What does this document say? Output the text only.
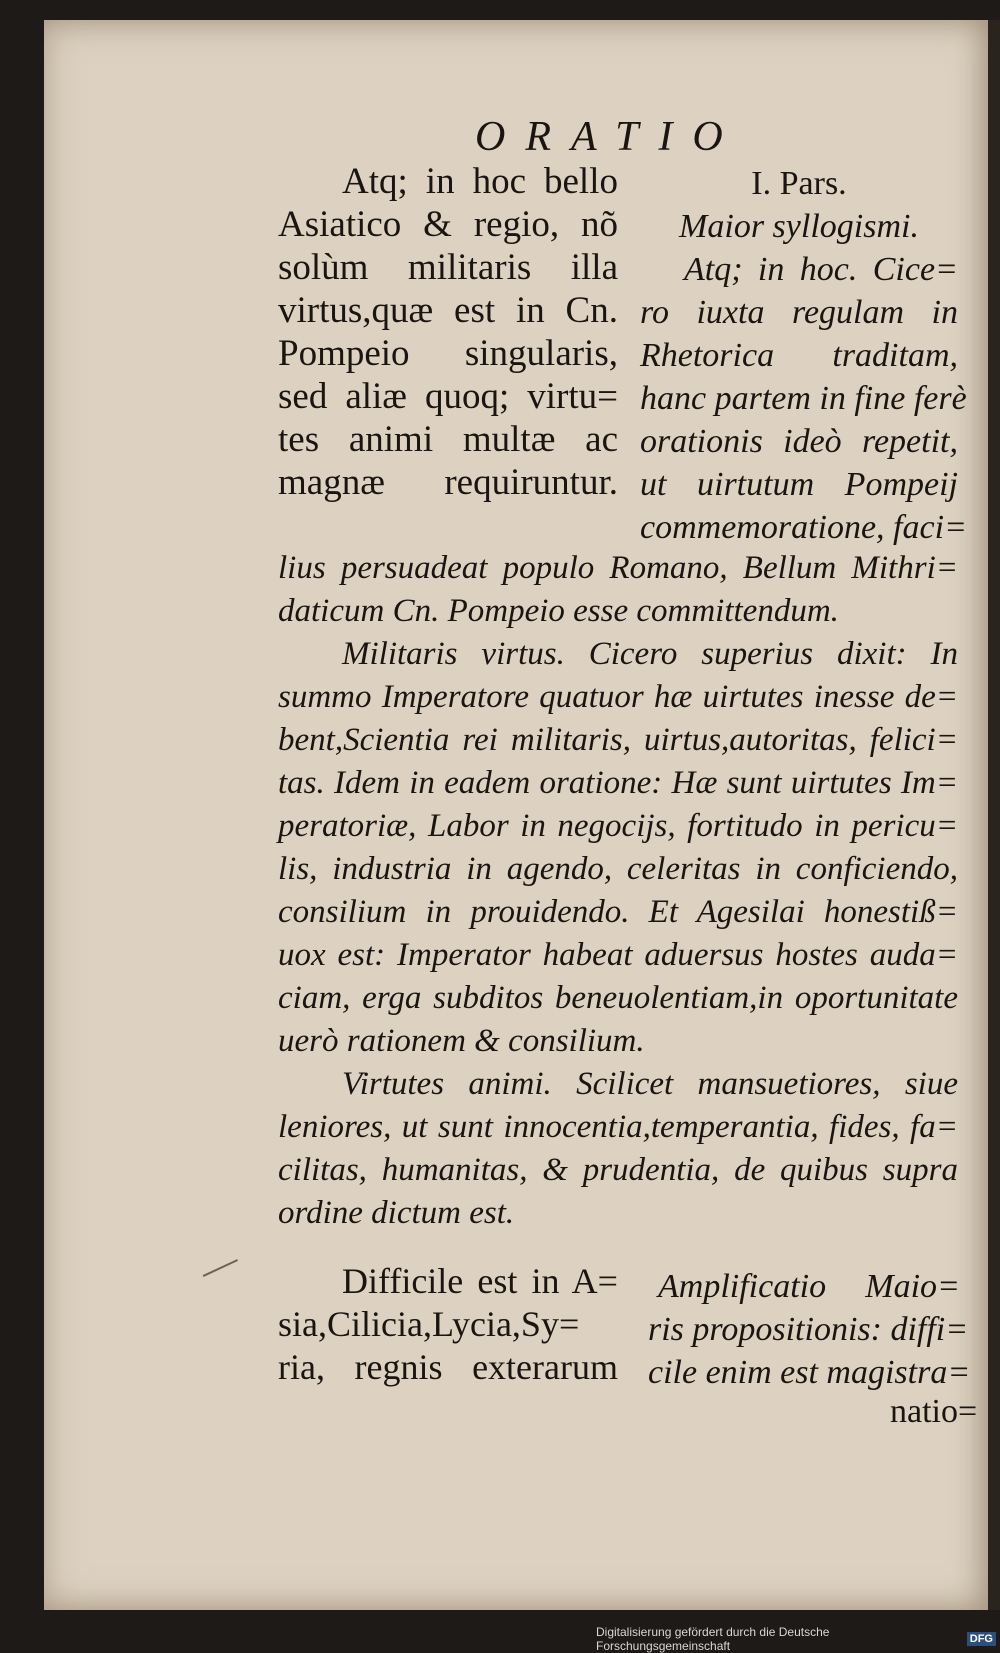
ORATIO
Atq; in hoc bello
Asiatico & regio, nõ
solùm militaris illa
virtus,quæ est in Cn.
Pompeio singularis,
sed aliæ quoq; virtu=
tes animi multæ ac
magnæ requiruntur.
I. Pars.
Maior syllogismi.
Atq; in hoc. Cice=
ro iuxta regulam in
Rhetorica traditam,
hanc partem in fine ferè
orationis ideò repetit,
ut uirtutum Pompeij
commemoratione, faci=
lius persuadeat populo Romano, Bellum Mithri=
daticum Cn. Pompeio esse committendum.
Militaris virtus. Cicero superius dixit: In
summo Imperatore quatuor hæ uirtutes inesse de=
bent,Scientia rei militaris, uirtus,autoritas, felici=
tas. Idem in eadem oratione: Hæ sunt uirtutes Im=
peratoriæ, Labor in negocijs, fortitudo in pericu=
lis, industria in agendo, celeritas in conficiendo,
consilium in prouidendo. Et Agesilai honestiß=
uox est: Imperator habeat aduersus hostes auda=
ciam, erga subditos beneuolentiam,in oportunitate
uerò rationem & consilium.
Virtutes animi. Scilicet mansuetiores, siue
leniores, ut sunt innocentia,temperantia, fides, fa=
cilitas, humanitas, & prudentia, de quibus supra
ordine dictum est.
Difficile est in A=
sia,Cilicia,Lycia,Sy=
ria, regnis exterarum
Amplificatio Maio=
ris propositionis: diffi=
cile enim est magistra=
natio=
Digitalisierung gefördert durch die Deutsche Forschungsgemeinschaft	DFG
